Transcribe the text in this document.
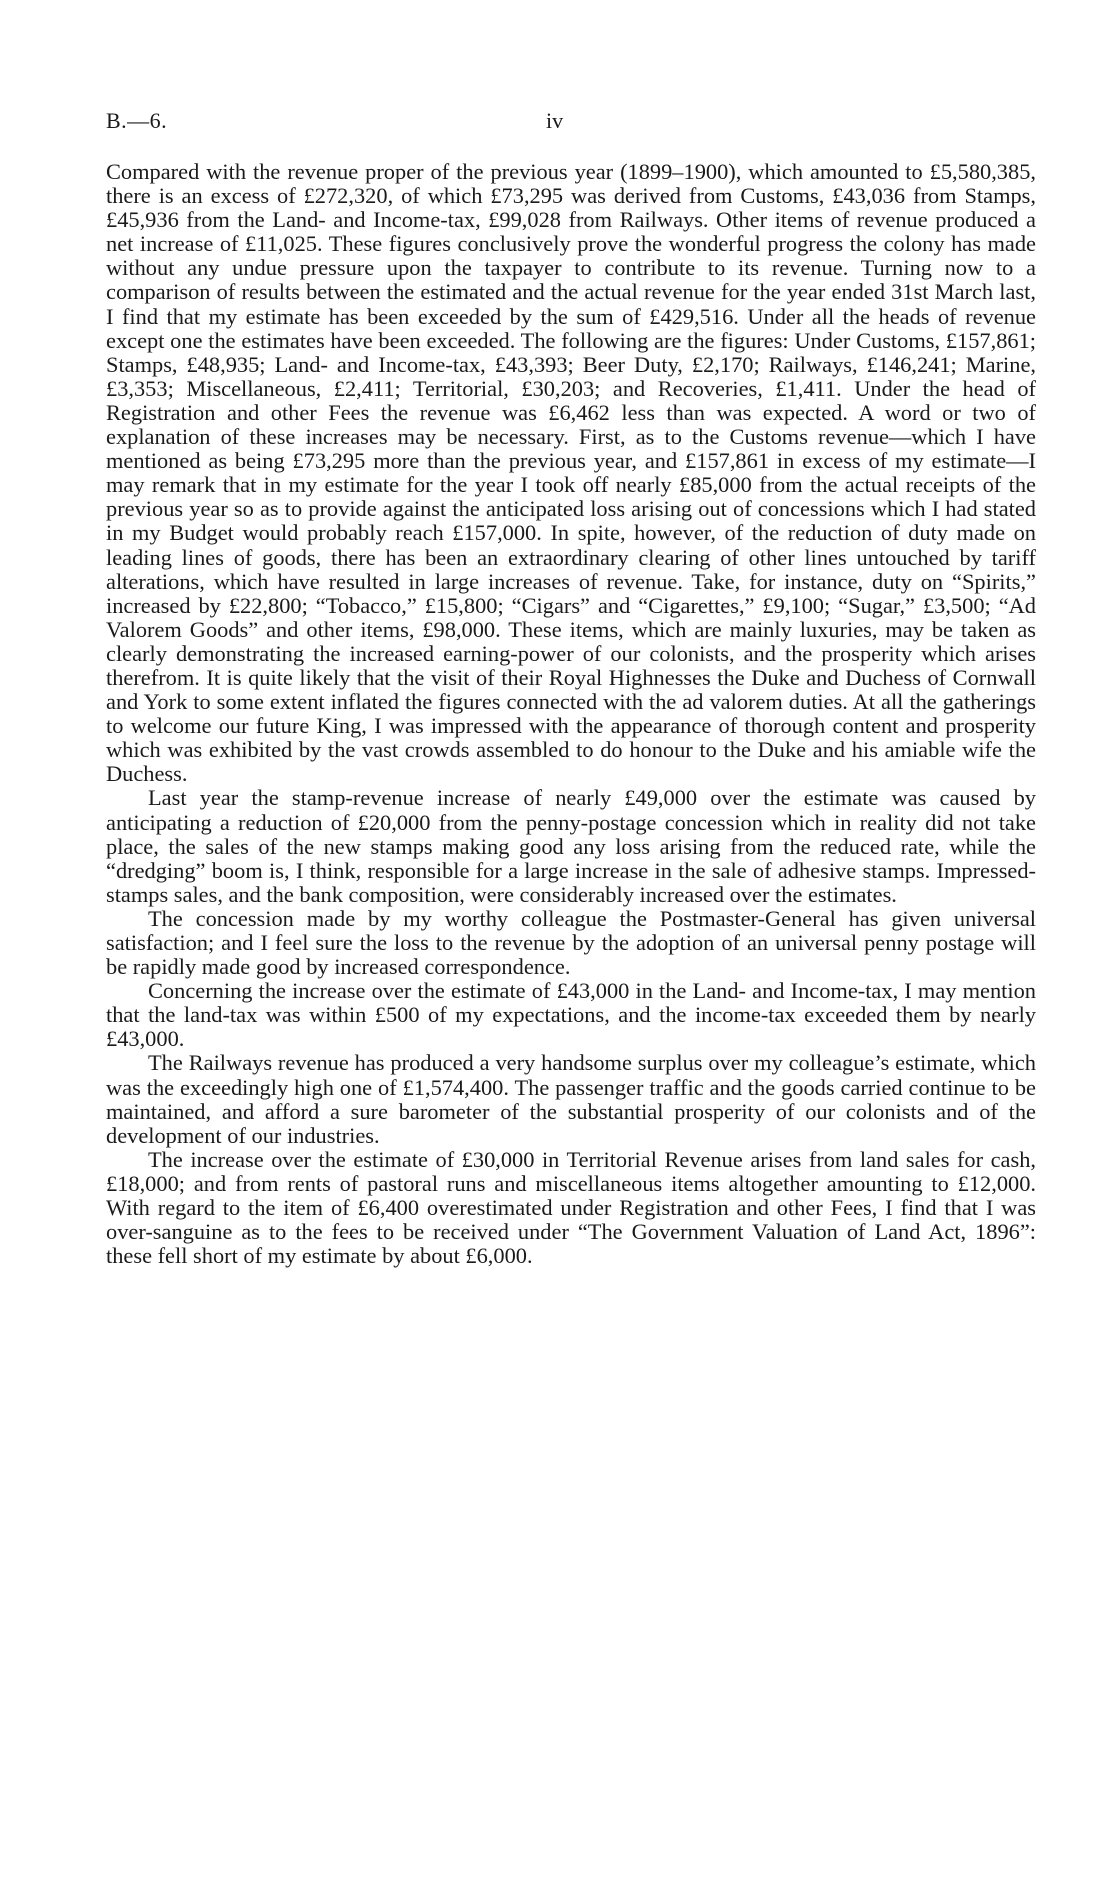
B.—6.	iv

Compared with the revenue proper of the previous year (1899–1900), which amounted to £5,580,385, there is an excess of £272,320, of which £73,295 was derived from Customs, £43,036 from Stamps, £45,936 from the Land- and Income-tax, £99,028 from Railways. Other items of revenue produced a net increase of £11,025. These figures conclusively prove the wonderful progress the colony has made without any undue pressure upon the taxpayer to contribute to its revenue. Turning now to a comparison of results between the estimated and the actual revenue for the year ended 31st March last, I find that my estimate has been exceeded by the sum of £429,516. Under all the heads of revenue except one the estimates have been exceeded. The following are the figures: Under Customs, £157,861; Stamps, £48,935; Land- and Income-tax, £43,393; Beer Duty, £2,170; Railways, £146,241; Marine, £3,353; Miscellaneous, £2,411; Territorial, £30,203; and Recoveries, £1,411. Under the head of Registration and other Fees the revenue was £6,462 less than was expected. A word or two of explanation of these increases may be necessary. First, as to the Customs revenue—which I have mentioned as being £73,295 more than the previous year, and £157,861 in excess of my estimate—I may remark that in my estimate for the year I took off nearly £85,000 from the actual receipts of the previous year so as to provide against the anticipated loss arising out of concessions which I had stated in my Budget would probably reach £157,000. In spite, however, of the reduction of duty made on leading lines of goods, there has been an extraordinary clearing of other lines untouched by tariff alterations, which have resulted in large increases of revenue. Take, for instance, duty on “Spirits,” increased by £22,800; “Tobacco,” £15,800; “Cigars” and “Cigarettes,” £9,100; “Sugar,” £3,500; “Ad Valorem Goods” and other items, £98,000. These items, which are mainly luxuries, may be taken as clearly demonstrating the increased earning-power of our colonists, and the prosperity which arises therefrom. It is quite likely that the visit of their Royal Highnesses the Duke and Duchess of Cornwall and York to some extent inflated the figures connected with the ad valorem duties. At all the gatherings to welcome our future King, I was impressed with the appearance of thorough content and prosperity which was exhibited by the vast crowds assembled to do honour to the Duke and his amiable wife the Duchess.

Last year the stamp-revenue increase of nearly £49,000 over the estimate was caused by anticipating a reduction of £20,000 from the penny-postage concession which in reality did not take place, the sales of the new stamps making good any loss arising from the reduced rate, while the “dredging” boom is, I think, responsible for a large increase in the sale of adhesive stamps. Impressed-stamps sales, and the bank composition, were considerably increased over the estimates.

The concession made by my worthy colleague the Postmaster-General has given universal satisfaction; and I feel sure the loss to the revenue by the adoption of an universal penny postage will be rapidly made good by increased correspondence.

Concerning the increase over the estimate of £43,000 in the Land- and Income-tax, I may mention that the land-tax was within £500 of my expectations, and the income-tax exceeded them by nearly £43,000.

The Railways revenue has produced a very handsome surplus over my colleague’s estimate, which was the exceedingly high one of £1,574,400. The passenger traffic and the goods carried continue to be maintained, and afford a sure barometer of the substantial prosperity of our colonists and of the development of our industries.

The increase over the estimate of £30,000 in Territorial Revenue arises from land sales for cash, £18,000; and from rents of pastoral runs and miscellaneous items altogether amounting to £12,000. With regard to the item of £6,400 overestimated under Registration and other Fees, I find that I was over-sanguine as to the fees to be received under “The Government Valuation of Land Act, 1896”: these fell short of my estimate by about £6,000.
